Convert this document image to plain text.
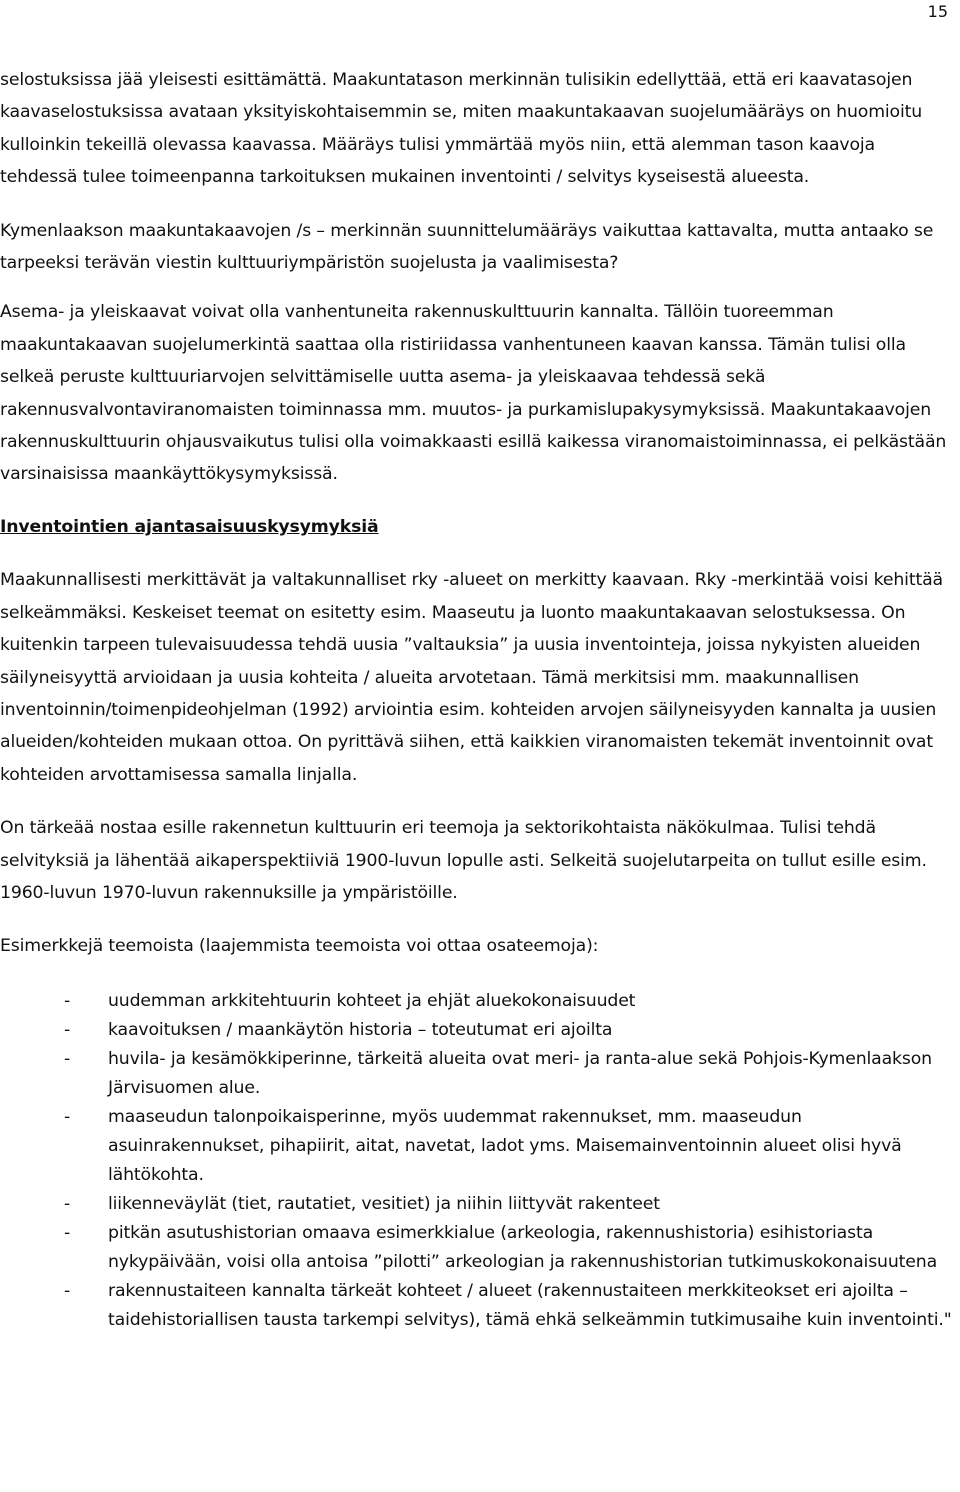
15

selostuksissa jää yleisesti esittämättä. Maakuntatason merkinnän tulisikin edellyttää, että eri kaavatasojen kaavaselostuksissa avataan yksityiskohtaisemmin se, miten maakuntakaavan suojelumääräys on huomioitu kulloinkin tekeillä olevassa kaavassa. Määräys tulisi ymmärtää myös niin, että alemman tason kaavoja tehdessä tulee toimeenpanna tarkoituksen mukainen inventointi / selvitys kyseisestä alueesta.

Kymenlaakson maakuntakaavojen /s – merkinnän suunnittelumääräys vaikuttaa kattavalta, mutta antaako se tarpeeksi terävän viestin kulttuuriympäristön suojelusta ja vaalimisesta?

Asema- ja yleiskaavat voivat olla vanhentuneita rakennuskulttuurin kannalta. Tällöin tuoreemman maakuntakaavan suojelumerkintä saattaa olla ristiriidassa vanhentuneen kaavan kanssa. Tämän tulisi olla selkeä peruste kulttuuriarvojen selvittämiselle uutta asema- ja yleiskaavaa tehdessä sekä rakennusvalvontaviranomaisten toiminnassa mm. muutos- ja purkamislupakysymyksissä. Maakuntakaavojen rakennuskulttuurin ohjausvaikutus tulisi olla voimakkaasti esillä kaikessa viranomaistoiminnassa, ei pelkästään varsinaisissa maankäyttökysymyksissä.

Inventointien ajantasaisuuskysymyksiä

Maakunnallisesti merkittävät ja valtakunnalliset rky -alueet on merkitty kaavaan. Rky -merkintää voisi kehittää selkeämmäksi. Keskeiset teemat on esitetty esim. Maaseutu ja luonto maakuntakaavan selostuksessa. On kuitenkin tarpeen tulevaisuudessa tehdä uusia ”valtauksia” ja uusia inventointeja, joissa nykyisten alueiden säilyneisyyttä arvioidaan ja uusia kohteita / alueita arvotetaan. Tämä merkitsisi mm. maakunnallisen inventoinnin/toimenpideohjelman (1992) arviointia esim. kohteiden arvojen säilyneisyyden kannalta ja uusien alueiden/kohteiden mukaan ottoa. On pyrittävä siihen, että kaikkien viranomaisten tekemät inventoinnit ovat kohteiden arvottamisessa samalla linjalla.

On tärkeää nostaa esille rakennetun kulttuurin eri teemoja ja sektorikohtaista näkökulmaa. Tulisi tehdä selvityksiä ja lähentää aikaperspektiiviä 1900-luvun lopulle asti. Selkeitä suojelutarpeita on tullut esille esim. 1960-luvun 1970-luvun rakennuksille ja ympäristöille.

Esimerkkejä teemoista (laajemmista teemoista voi ottaa osateemoja):

- uudemman arkkitehtuurin kohteet ja ehjät aluekokonaisuudet
- kaavoituksen / maankäytön historia – toteutumat eri ajoilta
- huvila- ja kesämökkiperinne, tärkeitä alueita ovat meri- ja ranta-alue sekä Pohjois-Kymenlaakson Järvisuomen alue.
- maaseudun talonpoikaisperinne, myös uudemmat rakennukset, mm. maaseudun asuinrakennukset, pihapiirit, aitat, navetat, ladot yms. Maisemainventoinnin alueet olisi hyvä lähtökohta.
- liikenneväylät (tiet, rautatiet, vesitiet) ja niihin liittyvät rakenteet
- pitkän asutushistorian omaava esimerkkialue (arkeologia, rakennushistoria) esihistoriasta nykypäivään, voisi olla antoisa ”pilotti” arkeologian ja rakennushistorian tutkimuskokonaisuutena
- rakennustaiteen kannalta tärkeät kohteet / alueet (rakennustaiteen merkkiteokset eri ajoilta – taidehistoriallisen tausta tarkempi selvitys), tämä ehkä selkeämmin tutkimusaihe kuin inventointi."
